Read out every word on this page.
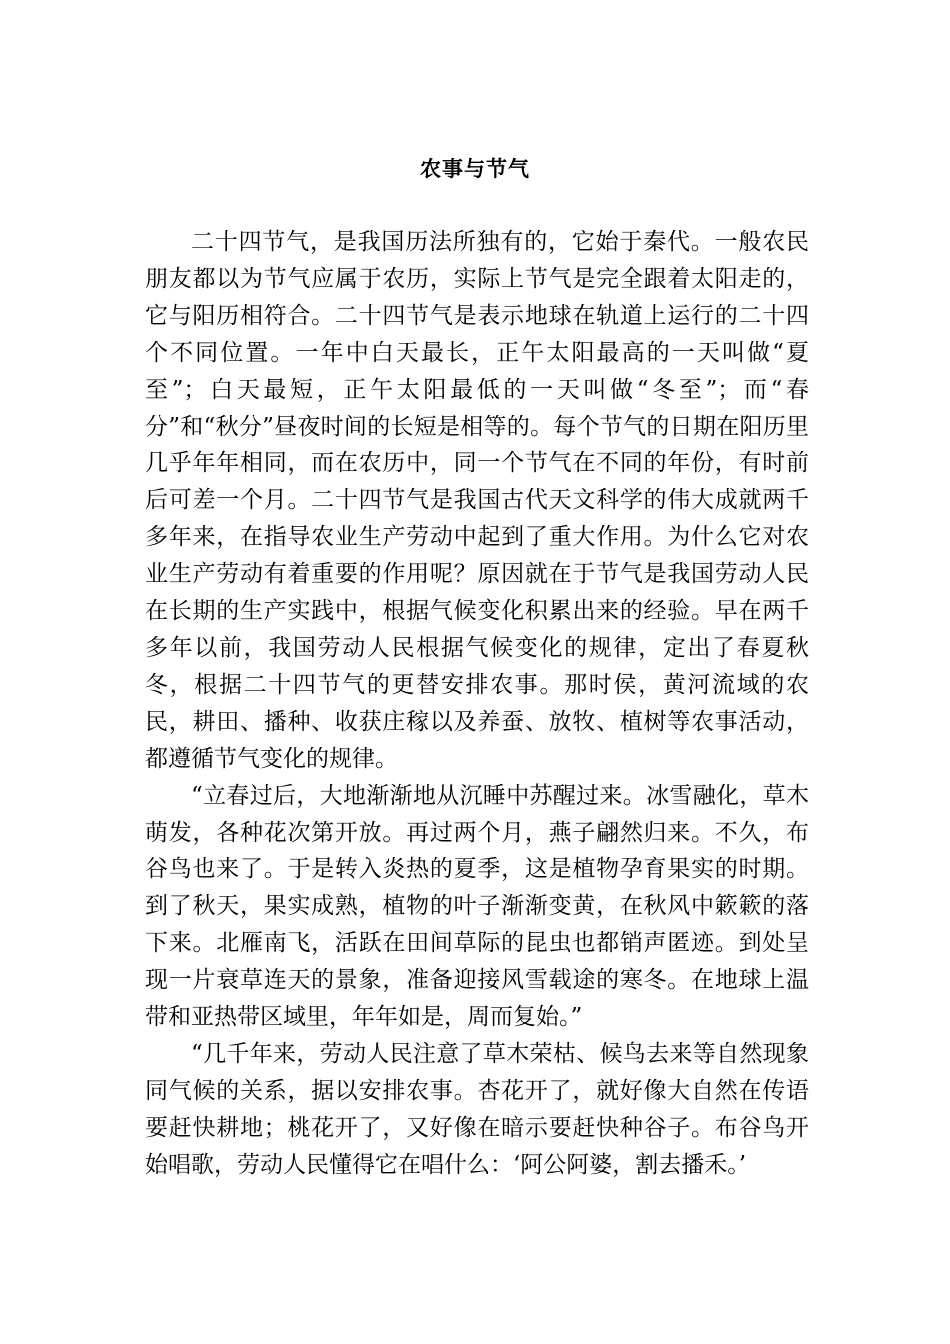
农事与节气

二十四节气，是我国历法所独有的，它始于秦代。一般农民朋友都以为节气应属于农历，实际上节气是完全跟着太阳走的，它与阳历相符合。二十四节气是表示地球在轨道上运行的二十四个不同位置。一年中白天最长，正午太阳最高的一天叫做“夏至”；白天最短，正午太阳最低的一天叫做“冬至”；而“春分”和“秋分”昼夜时间的长短是相等的。每个节气的日期在阳历里几乎年年相同，而在农历中，同一个节气在不同的年份，有时前后可差一个月。二十四节气是我国古代天文科学的伟大成就两千多年来，在指导农业生产劳动中起到了重大作用。为什么它对农业生产劳动有着重要的作用呢？原因就在于节气是我国劳动人民在长期的生产实践中，根据气候变化积累出来的经验。早在两千多年以前，我国劳动人民根据气候变化的规律，定出了春夏秋冬，根据二十四节气的更替安排农事。那时侯，黄河流域的农民，耕田、播种、收获庄稼以及养蚕、放牧、植树等农事活动，都遵循节气变化的规律。

“立春过后，大地渐渐地从沉睡中苏醒过来。冰雪融化，草木萌发，各种花次第开放。再过两个月，燕子翩然归来。不久，布谷鸟也来了。于是转入炎热的夏季，这是植物孕育果实的时期。到了秋天，果实成熟，植物的叶子渐渐变黄，在秋风中簌簌的落下来。北雁南飞，活跃在田间草际的昆虫也都销声匿迹。到处呈现一片衰草连天的景象，准备迎接风雪载途的寒冬。在地球上温带和亚热带区域里，年年如是，周而复始。”

“几千年来，劳动人民注意了草木荣枯、候鸟去来等自然现象同气候的关系，据以安排农事。杏花开了，就好像大自然在传语要赶快耕地；桃花开了，又好像在暗示要赶快种谷子。布谷鸟开始唱歌，劳动人民懂得它在唱什么：‘阿公阿婆，割去播禾。’
